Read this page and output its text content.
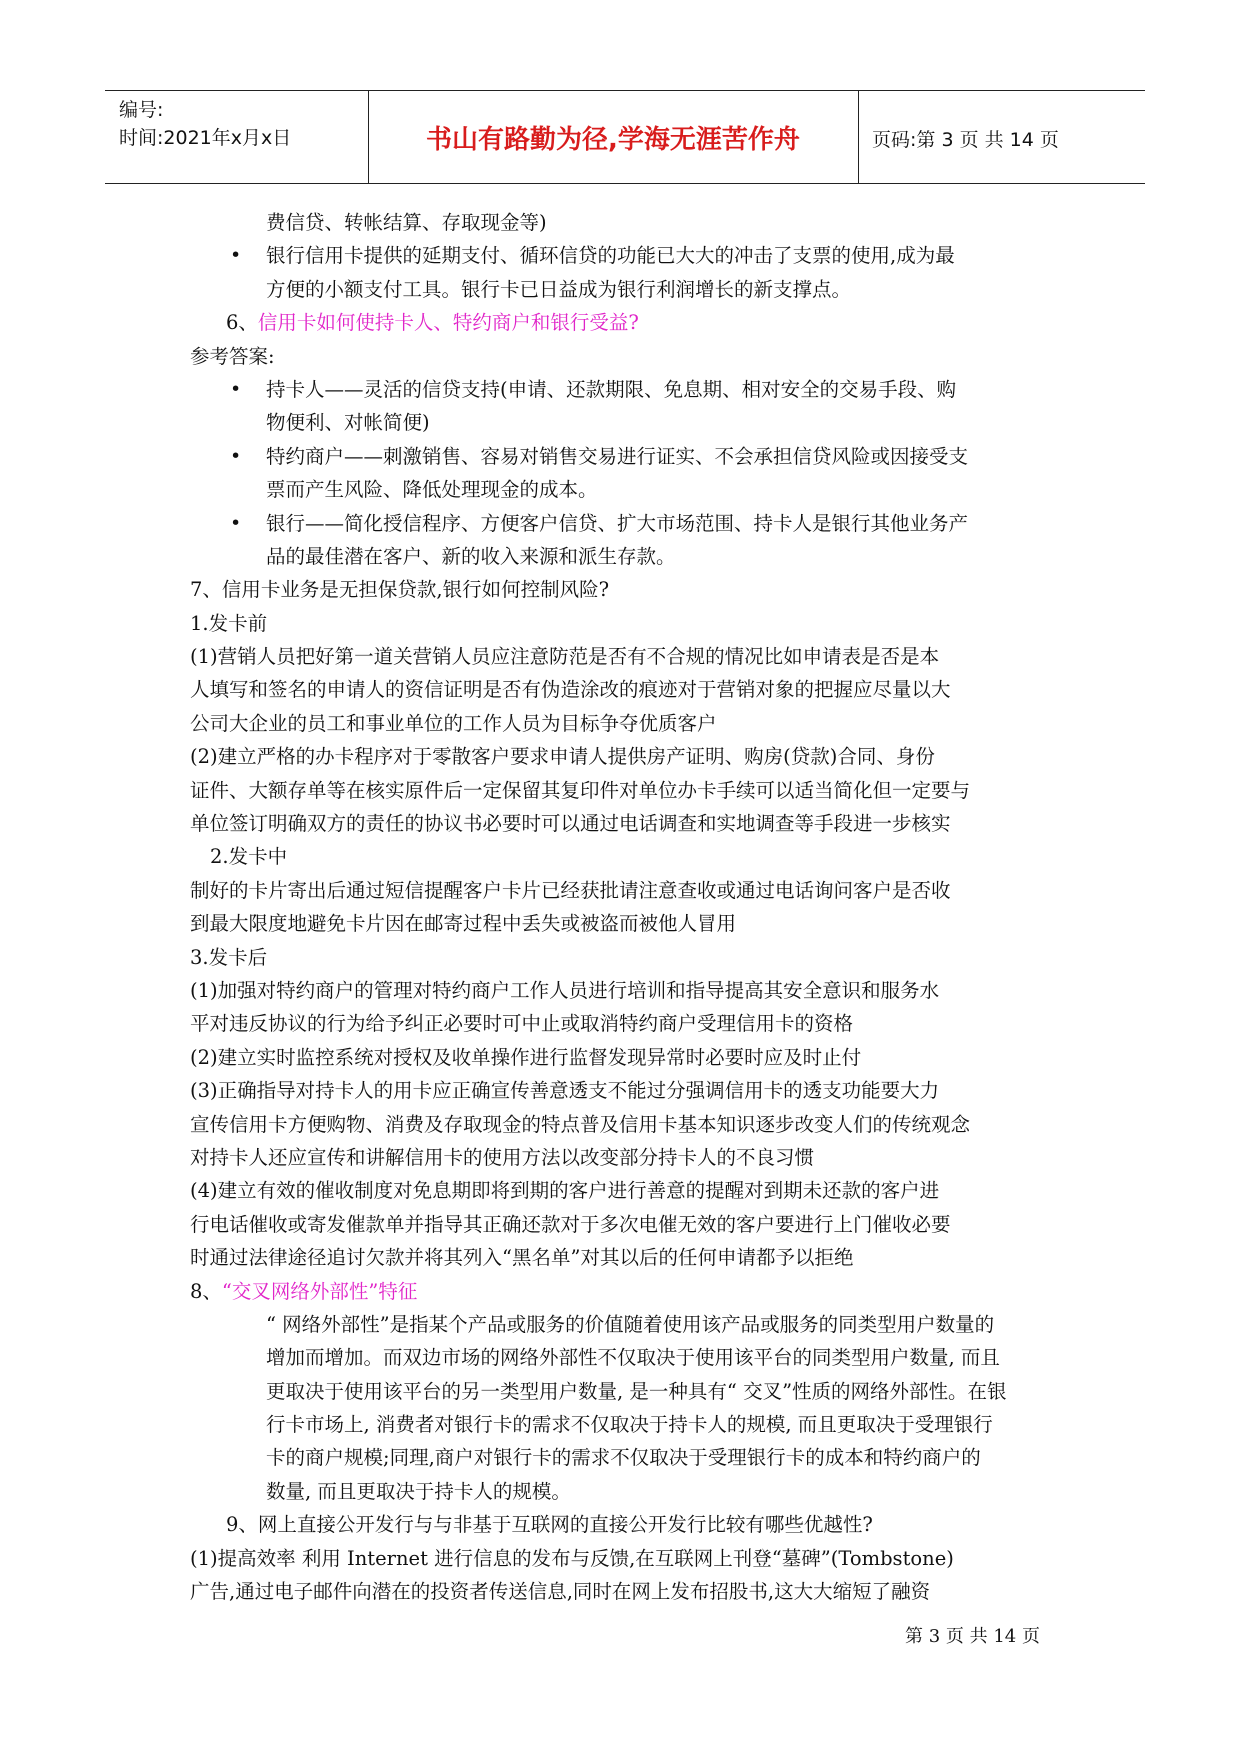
编号:
时间:2021年x月x日	书山有路勤为径,学海无涯苦作舟	页码:第 3 页 共 14 页
费信贷、转帐结算、存取现金等)
• 银行信用卡提供的延期支付、循环信贷的功能已大大的冲击了支票的使用,成为最
方便的小额支付工具。银行卡已日益成为银行利润增长的新支撑点。
6、信用卡如何使持卡人、特约商户和银行受益?
参考答案:
• 持卡人——灵活的信贷支持(申请、还款期限、免息期、相对安全的交易手段、购
物便利、对帐简便)
• 特约商户——刺激销售、容易对销售交易进行证实、不会承担信贷风险或因接受支
票而产生风险、降低处理现金的成本。
• 银行——简化授信程序、方便客户信贷、扩大市场范围、持卡人是银行其他业务产
品的最佳潜在客户、新的收入来源和派生存款。
7、信用卡业务是无担保贷款,银行如何控制风险?
1.发卡前
(1)营销人员把好第一道关营销人员应注意防范是否有不合规的情况比如申请表是否是本
人填写和签名的申请人的资信证明是否有伪造涂改的痕迹对于营销对象的把握应尽量以大
公司大企业的员工和事业单位的工作人员为目标争夺优质客户
(2)建立严格的办卡程序对于零散客户要求申请人提供房产证明、购房(贷款)合同、身份
证件、大额存单等在核实原件后一定保留其复印件对单位办卡手续可以适当简化但一定要与
单位签订明确双方的责任的协议书必要时可以通过电话调查和实地调查等手段进一步核实
2.发卡中
制好的卡片寄出后通过短信提醒客户卡片已经获批请注意查收或通过电话询问客户是否收
到最大限度地避免卡片因在邮寄过程中丢失或被盗而被他人冒用
3.发卡后
(1)加强对特约商户的管理对特约商户工作人员进行培训和指导提高其安全意识和服务水
平对违反协议的行为给予纠正必要时可中止或取消特约商户受理信用卡的资格
(2)建立实时监控系统对授权及收单操作进行监督发现异常时必要时应及时止付
(3)正确指导对持卡人的用卡应正确宣传善意透支不能过分强调信用卡的透支功能要大力
宣传信用卡方便购物、消费及存取现金的特点普及信用卡基本知识逐步改变人们的传统观念
对持卡人还应宣传和讲解信用卡的使用方法以改变部分持卡人的不良习惯
(4)建立有效的催收制度对免息期即将到期的客户进行善意的提醒对到期未还款的客户进
行电话催收或寄发催款单并指导其正确还款对于多次电催无效的客户要进行上门催收必要
时通过法律途径追讨欠款并将其列入“黑名单”对其以后的任何申请都予以拒绝
8、“交叉网络外部性”特征
“ 网络外部性”是指某个产品或服务的价值随着使用该产品或服务的同类型用户数量的
增加而增加。而双边市场的网络外部性不仅取决于使用该平台的同类型用户数量, 而且
更取决于使用该平台的另一类型用户数量, 是一种具有“ 交叉”性质的网络外部性。在银
行卡市场上, 消费者对银行卡的需求不仅取决于持卡人的规模, 而且更取决于受理银行
卡的商户规模;同理,商户对银行卡的需求不仅取决于受理银行卡的成本和特约商户的
数量, 而且更取决于持卡人的规模。
9、网上直接公开发行与与非基于互联网的直接公开发行比较有哪些优越性?
(1)提高效率 利用 Internet 进行信息的发布与反馈,在互联网上刊登“墓碑”(Tombstone)
广告,通过电子邮件向潜在的投资者传送信息,同时在网上发布招股书,这大大缩短了融资
第 3 页 共 14 页
